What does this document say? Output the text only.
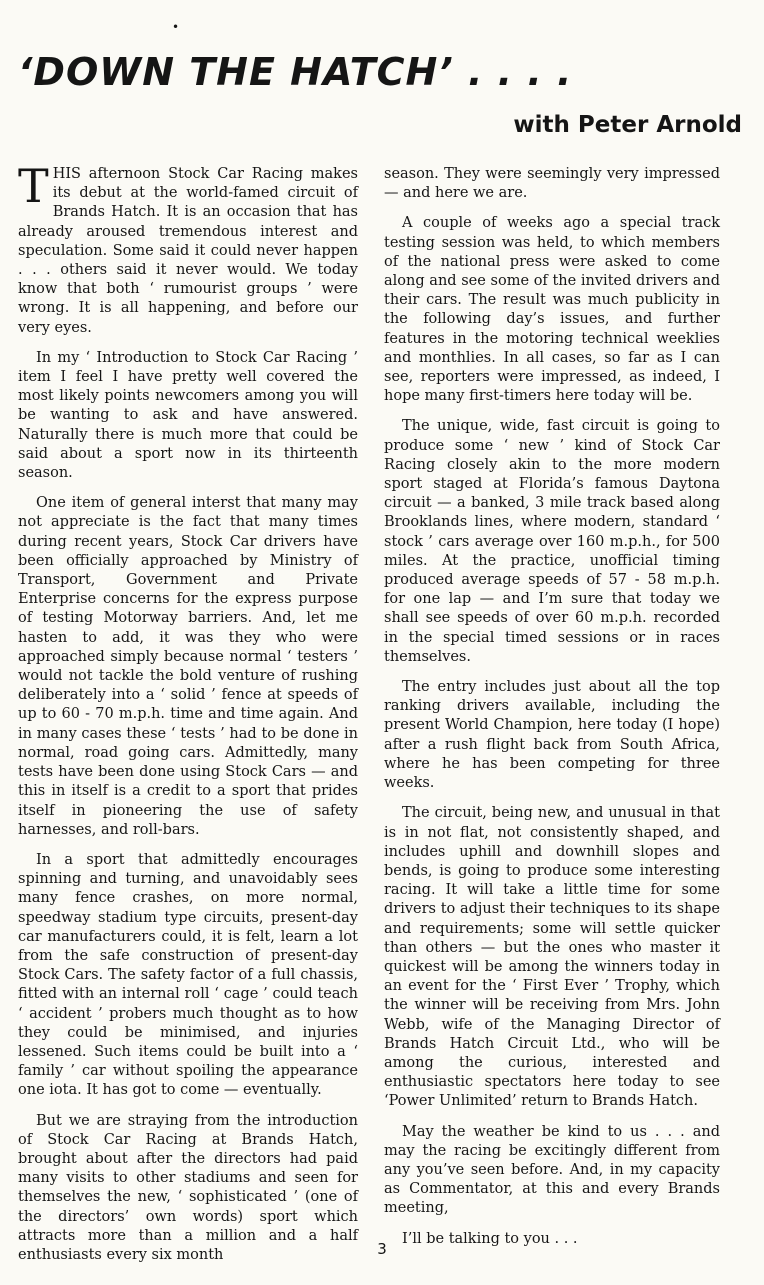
•
‘DOWN THE HATCH’ . . . .
with Peter Arnold

THIS afternoon Stock Car Racing makes its debut at the world-famed circuit of Brands Hatch. It is an occasion that has already aroused tremendous interest and speculation. Some said it could never happen . . . others said it never would. We today know that both ‘ rumourist groups ’ were wrong. It is all happening, and before our very eyes.

In my ‘ Introduction to Stock Car Racing ’ item I feel I have pretty well covered the most likely points newcomers among you will be wanting to ask and have answered. Naturally there is much more that could be said about a sport now in its thirteenth season.

One item of general interst that many may not appreciate is the fact that many times during recent years, Stock Car drivers have been officially approached by Ministry of Transport, Government and Private Enterprise concerns for the express purpose of testing Motorway barriers. And, let me hasten to add, it was they who were approached simply because normal ‘ testers ’ would not tackle the bold venture of rushing deliberately into a ‘ solid ’ fence at speeds of up to 60 - 70 m.p.h. time and time again. And in many cases these ‘ tests ’ had to be done in normal, road going cars. Admittedly, many tests have been done using Stock Cars — and this in itself is a credit to a sport that prides itself in pioneering the use of safety harnesses, and roll-bars.

In a sport that admittedly encourages spinning and turning, and unavoidably sees many fence crashes, on more normal, speedway stadium type circuits, present-day car manufacturers could, it is felt, learn a lot from the safe construction of present-day Stock Cars. The safety factor of a full chassis, fitted with an internal roll ‘ cage ’ could teach ‘ accident ’ probers much thought as to how they could be minimised, and injuries lessened. Such items could be built into a ‘ family ’ car without spoiling the appearance one iota. It has got to come — eventually.

But we are straying from the introduction of Stock Car Racing at Brands Hatch, brought about after the directors had paid many visits to other stadiums and seen for themselves the new, ‘ sophisticated ’ (one of the directors’ own words) sport which attracts more than a million and a half enthusiasts every six month

season. They were seemingly very impressed — and here we are.

A couple of weeks ago a special track testing session was held, to which members of the national press were asked to come along and see some of the invited drivers and their cars. The result was much publicity in the following day’s issues, and further features in the motoring technical weeklies and monthlies. In all cases, so far as I can see, reporters were impressed, as indeed, I hope many first-timers here today will be.

The unique, wide, fast circuit is going to produce some ‘ new ’ kind of Stock Car Racing closely akin to the more modern sport staged at Florida’s famous Daytona circuit — a banked, 3 mile track based along Brooklands lines, where modern, standard ‘ stock ’ cars average over 160 m.p.h., for 500 miles. At the practice, unofficial timing produced average speeds of 57 - 58 m.p.h. for one lap — and I’m sure that today we shall see speeds of over 60 m.p.h. recorded in the special timed sessions or in races themselves.

The entry includes just about all the top ranking drivers available, including the present World Champion, here today (I hope) after a rush flight back from South Africa, where he has been competing for three weeks.

The circuit, being new, and unusual in that is in not flat, not consistently shaped, and includes uphill and downhill slopes and bends, is going to produce some interesting racing. It will take a little time for some drivers to adjust their techniques to its shape and requirements; some will settle quicker than others — but the ones who master it quickest will be among the winners today in an event for the ‘ First Ever ’ Trophy, which the winner will be receiving from Mrs. John Webb, wife of the Managing Director of Brands Hatch Circuit Ltd., who will be among the curious, interested and enthusiastic spectators here today to see ‘Power Unlimited’ return to Brands Hatch.

May the weather be kind to us . . . and may the racing be excitingly different from any you’ve seen before. And, in my capacity as Commentator, at this and every Brands meeting,

I’ll be talking to you . . .

3
